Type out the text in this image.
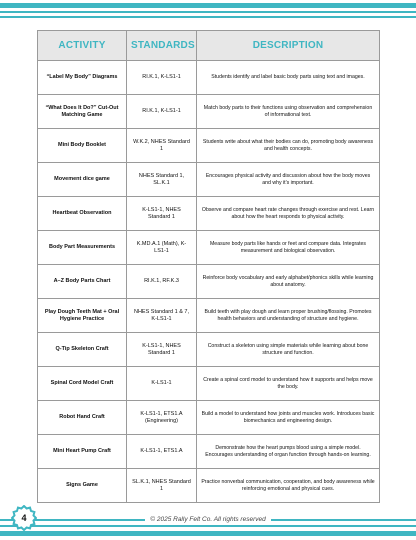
ACTIVITY	STANDARDS	DESCRIPTION
“Label My Body” Diagrams	RI.K.1, K-LS1-1	Students identify and label basic body parts using text and images.
“What Does It Do?” Cut-Out Matching Game	RI.K.1, K-LS1-1	Match body parts to their functions using observation and comprehension of informational text.
Mini Body Booklet	W.K.2, NHES Standard 1	Students write about what their bodies can do, promoting body awareness and health concepts.
Movement dice game	NHES Standard 1, SL.K.1	Encourages physical activity and discussion about how the body moves and why it's important.
Heartbeat Observation	K-LS1-1, NHES Standard 1	Observe and compare heart rate changes through exercise and rest. Learn about how the heart responds to physical activity.
Body Part Measurements	K.MD.A.1 (Math), K-LS1-1	Measure body parts like hands or feet and compare data. Integrates measurement and biological observation.
A–Z Body Parts Chart	RI.K.1, RF.K.3	Reinforce body vocabulary and early alphabet/phonics skills while learning about anatomy.
Play Dough Teeth Mat + Oral Hygiene Practice	NHES Standard 1 & 7, K-LS1-1	Build teeth with play dough and learn proper brushing/flossing. Promotes health behaviors and understanding of structure and hygiene.
Q-Tip Skeleton Craft	K-LS1-1, NHES Standard 1	Construct a skeleton using simple materials while learning about bone structure and function.
Spinal Cord Model Craft	K-LS1-1	Create a spinal cord model to understand how it supports and helps move the body.
Robot Hand Craft	K-LS1-1, ETS1.A (Engineering)	Build a model to understand how joints and muscles work. Introduces basic biomechanics and engineering design.
Mini Heart Pump Craft	K-LS1-1, ETS1.A	Demonstrate how the heart pumps blood using a simple model. Encourages understanding of organ function through hands-on learning.
Signs Game	SL.K.1, NHES Standard 1	Practice nonverbal communication, cooperation, and body awareness while reinforcing emotional and physical cues.
4	© 2025 Rally Felt Co. All rights reserved
